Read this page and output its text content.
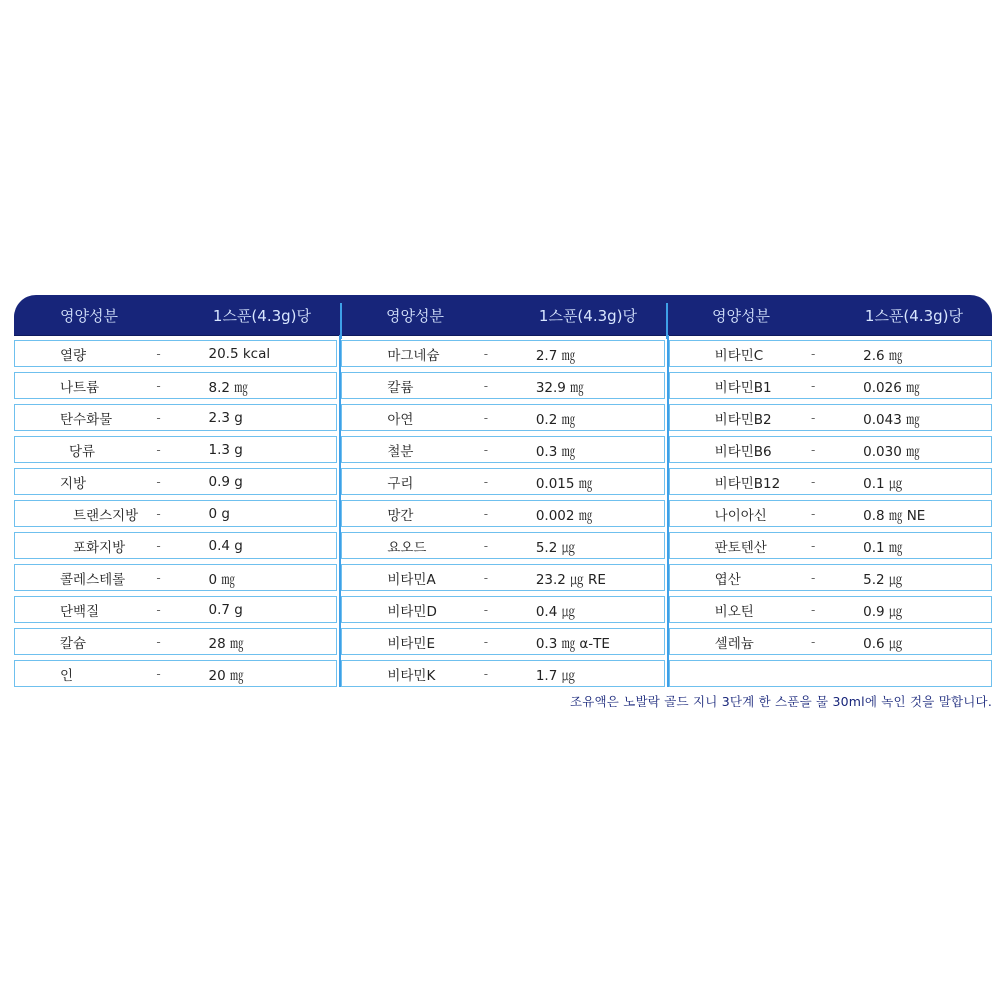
영양성분	1스푼(4.3g)당	영양성분	1스푼(4.3g)당	영양성분	1스푼(4.3g)당
열량	-	20.5 kcal
나트륨	-	8.2 ㎎
탄수화물	-	2.3 g
당류	-	1.3 g
지방	-	0.9 g
트랜스지방	-	0 g
포화지방	-	0.4 g
콜레스테롤	-	0 ㎎
단백질	-	0.7 g
칼슘	-	28 ㎎
인	-	20 ㎎
마그네슘	-	2.7 ㎎
칼륨	-	32.9 ㎎
아연	-	0.2 ㎎
철분	-	0.3 ㎎
구리	-	0.015 ㎎
망간	-	0.002 ㎎
요오드	-	5.2 ㎍
비타민A	-	23.2 ㎍ RE
비타민D	-	0.4 ㎍
비타민E	-	0.3 ㎎ α-TE
비타민K	-	1.7 ㎍
비타민C	-	2.6 ㎎
비타민B1	-	0.026 ㎎
비타민B2	-	0.043 ㎎
비타민B6	-	0.030 ㎎
비타민B12	-	0.1 ㎍
나이아신	-	0.8 ㎎ NE
판토텐산	-	0.1 ㎎
엽산	-	5.2 ㎍
비오틴	-	0.9 ㎍
셀레늄	-	0.6 ㎍
조유액은 노발락 골드 지니 3단계 한 스푼을 물 30ml에 녹인 것을 말합니다.
